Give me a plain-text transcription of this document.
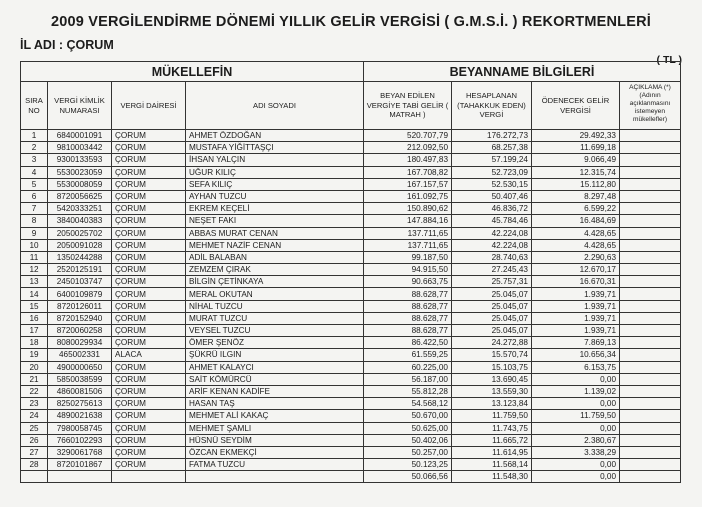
2009 VERGİLENDİRME DÖNEMİ YILLIK GELİR VERGİSİ ( G.M.S.İ. ) REKORTMENLERİ
İL ADI : ÇORUM
( TL )
MÜKELLEFİN				BEYANNAME BİLGİLERİ			
SIRA NO	VERGİ KİMLİK NUMARASI	VERGİ DAİRESİ	ADI SOYADI	BEYAN EDİLEN VERGİYE TABİ GELİR ( MATRAH )	HESAPLANAN (TAHAKKUK EDEN) VERGİ	ÖDENECEK GELİR VERGİSİ	AÇIKLAMA (*) (Adının açıklanmasını istemeyen mükellefler)
1	6840001091	ÇORUM	AHMET ÖZDOĞAN	520.707,79	176.272,73	29.492,33	
2	9810003442	ÇORUM	MUSTAFA YİĞİTTAŞÇI	212.092,50	68.257,38	11.699,18	
3	9300133593	ÇORUM	İHSAN YALÇIN	180.497,83	57.199,24	9.066,49	
4	5530023059	ÇORUM	UĞUR KILIÇ	167.708,82	52.723,09	12.315,74	
5	5530008059	ÇORUM	SEFA KILIÇ	167.157,57	52.530,15	15.112,80	
6	8720056625	ÇORUM	AYHAN TUZCU	161.092,75	50.407,46	8.297,48	
7	5420333251	ÇORUM	EKREM KEÇELİ	150.890,62	46.836,72	6.599,22	
8	3840040383	ÇORUM	NEŞET FAKI	147.884,16	45.784,46	16.484,69	
9	2050025702	ÇORUM	ABBAS MURAT CENAN	137.711,65	42.224,08	4.428,65	
10	2050091028	ÇORUM	MEHMET NAZİF CENAN	137.711,65	42.224,08	4.428,65	
11	1350244288	ÇORUM	ADİL BALABAN	99.187,50	28.740,63	2.290,63	
12	2520125191	ÇORUM	ZEMZEM ÇIRAK	94.915,50	27.245,43	12.670,17	
13	2450103747	ÇORUM	BİLGİN ÇETİNKAYA	90.663,75	25.757,31	16.670,31	
14	6400109879	ÇORUM	MERAL OKUTAN	88.628,77	25.045,07	1.939,71	
15	8720126011	ÇORUM	NİHAL TUZCU	88.628,77	25.045,07	1.939,71	
16	8720152940	ÇORUM	MURAT TUZCU	88.628,77	25.045,07	1.939,71	
17	8720060258	ÇORUM	VEYSEL TUZCU	88.628,77	25.045,07	1.939,71	
18	8080029934	ÇORUM	ÖMER ŞENÖZ	86.422,50	24.272,88	7.869,13	
19	465002331	ALACA	ŞÜKRÜ ILGIN	61.559,25	15.570,74	10.656,34	
20	4900000650	ÇORUM	AHMET KALAYCI	60.225,00	15.103,75	6.153,75	
21	5850038599	ÇORUM	SAİT KÖMÜRCÜ	56.187,00	13.690,45	0,00	
22	4860081506	ÇORUM	ARİF KENAN KADİFE	55.812,28	13.559,30	1.139,02	
23	8250275613	ÇORUM	HASAN TAŞ	54.568,12	13.123,84	0,00	
24	4890021638	ÇORUM	MEHMET ALİ KAKAÇ	50.670,00	11.759,50	11.759,50	
25	7980058745	ÇORUM	MEHMET ŞAMLI	50.625,00	11.743,75	0,00	
26	7660102293	ÇORUM	HÜSNÜ SEYDİM	50.402,06	11.665,72	2.380,67	
27	3290061768	ÇORUM	ÖZCAN EKMEKÇİ	50.257,00	11.614,95	3.338,29	
28	8720101867	ÇORUM	FATMA TUZCU	50.123,25	11.568,14	0,00	
				50.066,56	11.548,30	0,00	
